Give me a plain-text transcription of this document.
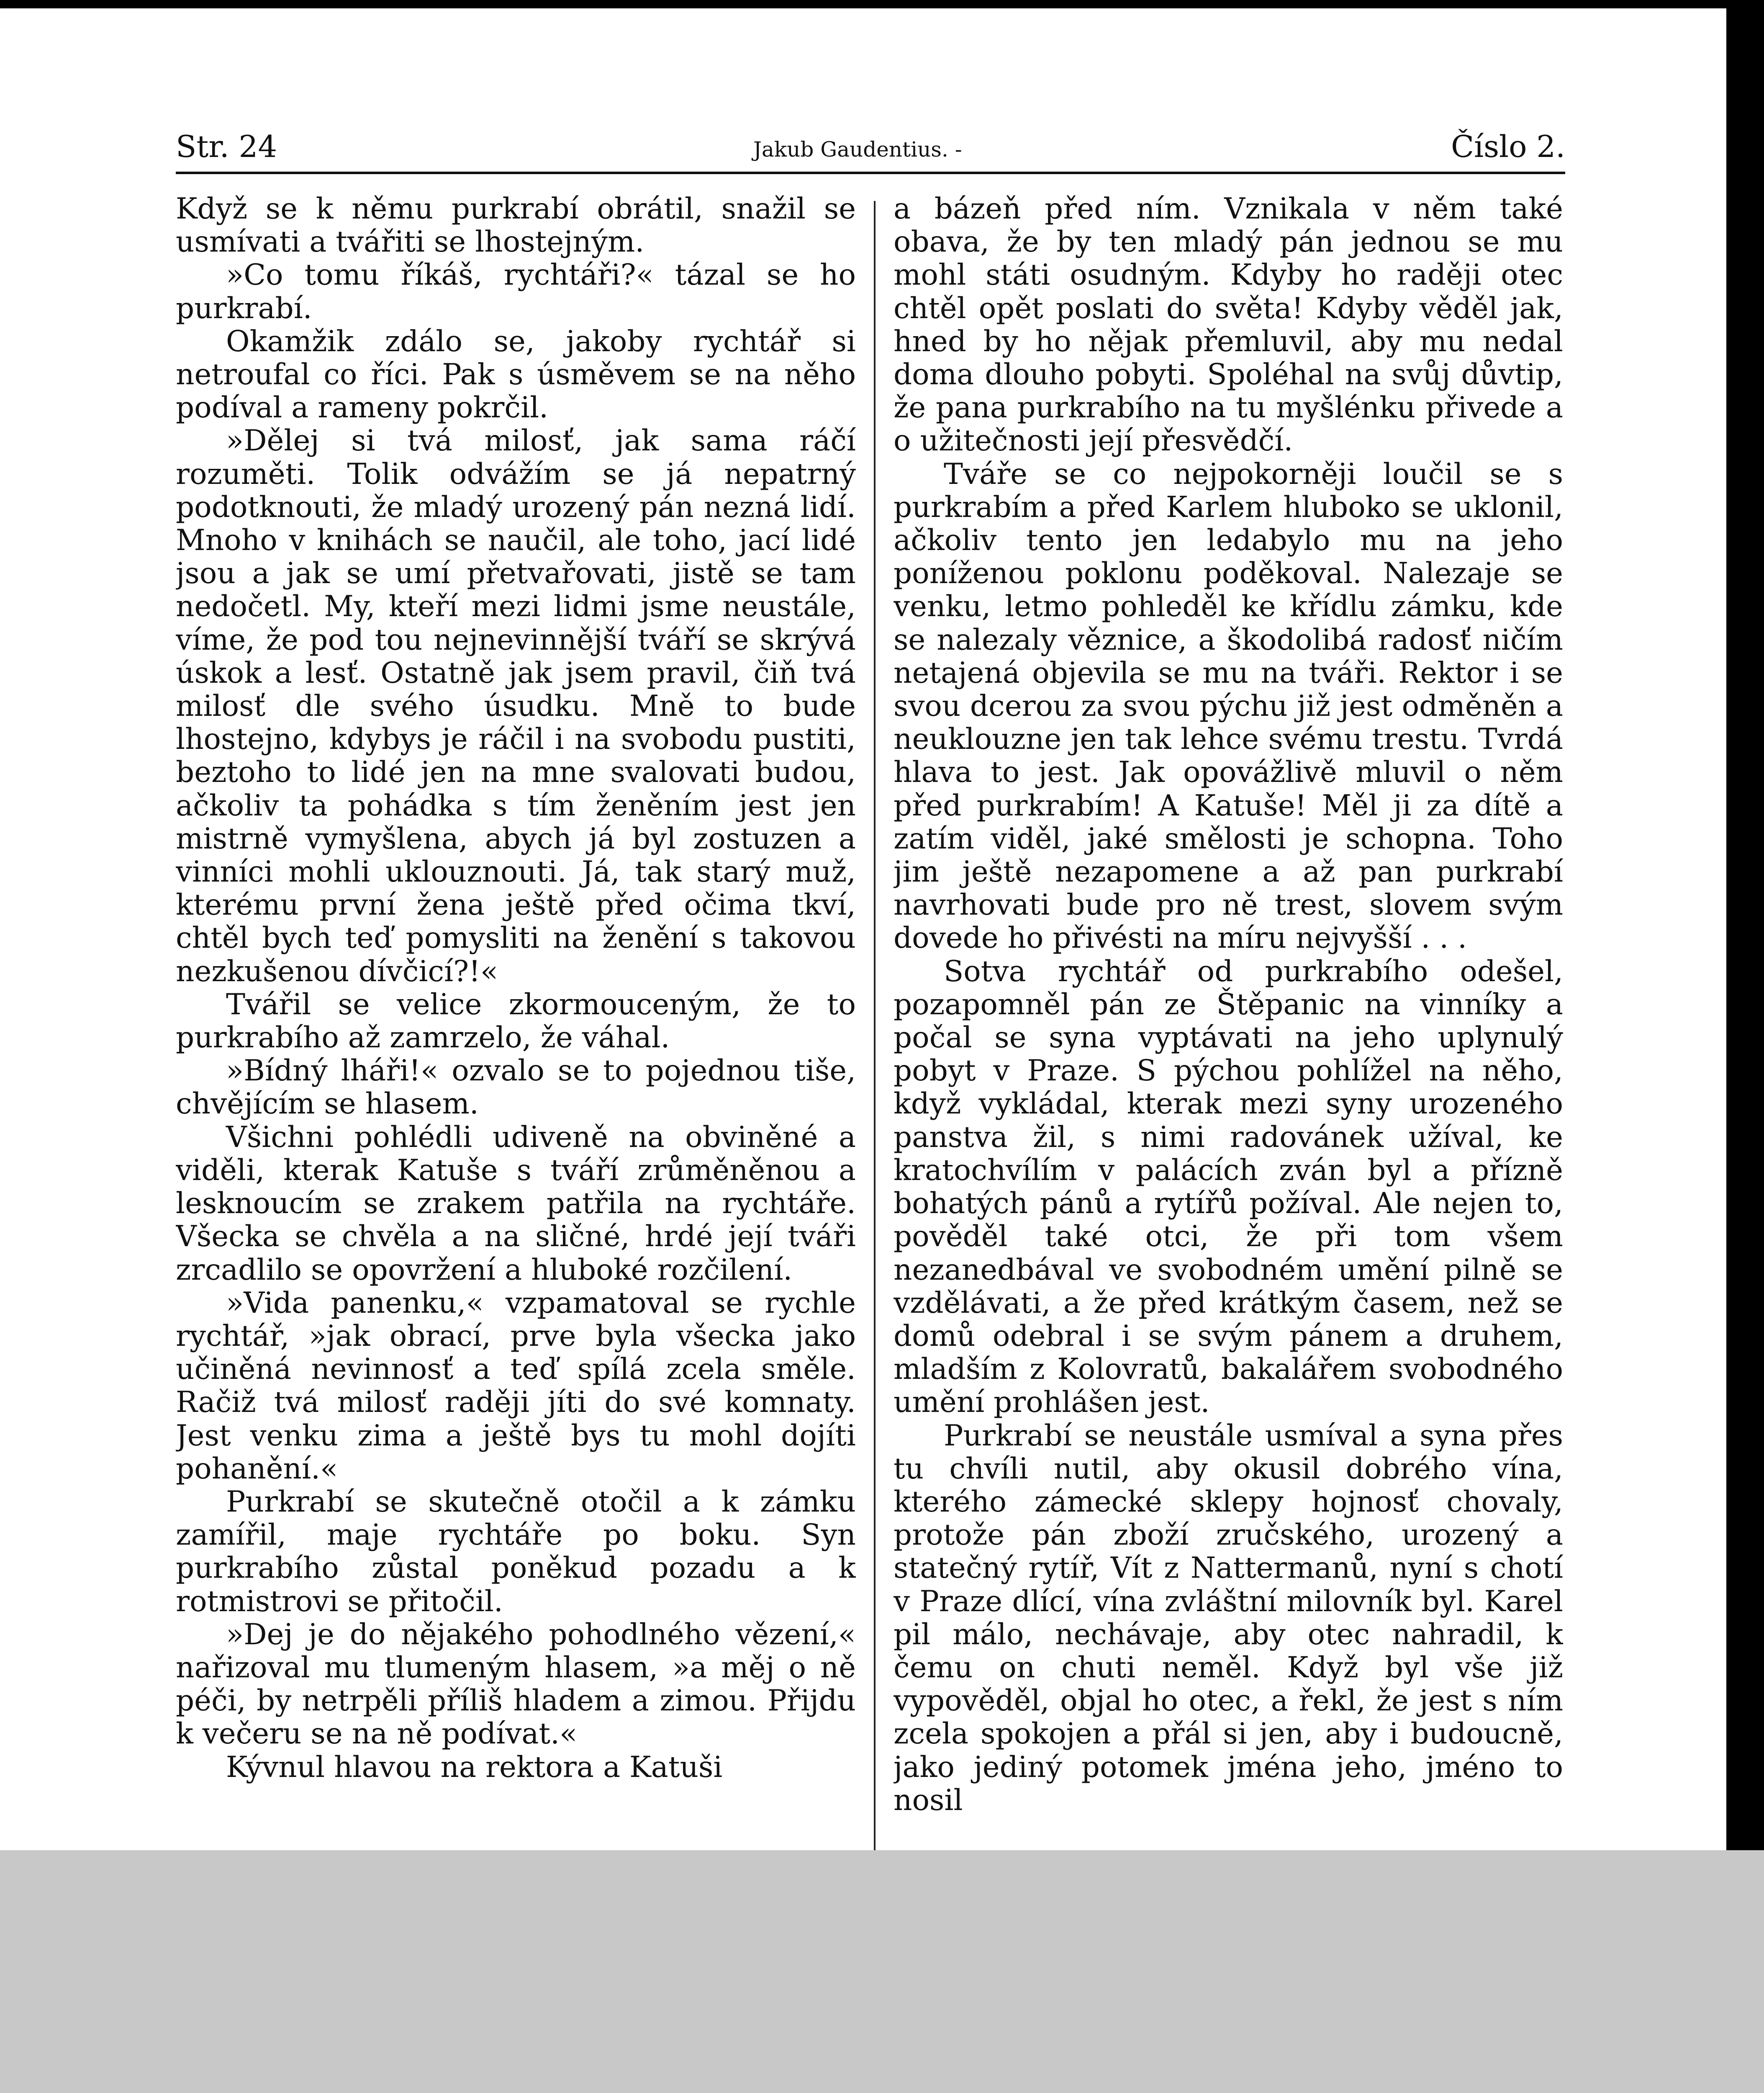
Str. 24	Jakub Gaudentius. -	Číslo 2.

Když se k němu purkrabí obrátil, snažil se usmívati a tvářiti se lhostejným.

»Co tomu říkáš, rychtáři?« tázal se ho purkrabí.

Okamžik zdálo se, jakoby rychtář si netroufal co říci. Pak s úsměvem se na něho podíval a rameny pokrčil.

»Dělej si tvá milosť, jak sama ráčí rozuměti. Tolik odvážím se já nepatrný podotknouti, že mladý urozený pán nezná lidí. Mnoho v knihách se naučil, ale toho, jací lidé jsou a jak se umí přetvařovati, jistě se tam nedočetl. My, kteří mezi lidmi jsme neustále, víme, že pod tou nejnevinnější tváří se skrývá úskok a lesť. Ostatně jak jsem pravil, čiň tvá milosť dle svého úsudku. Mně to bude lhostejno, kdybys je ráčil i na svobodu pustiti, beztoho to lidé jen na mne svalovati budou, ačkoliv ta pohádka s tím ženěním jest jen mistrně vymyšlena, abych já byl zostuzen a vinníci mohli uklouznouti. Já, tak starý muž, kterému první žena ještě před očima tkví, chtěl bych teď pomysliti na ženění s takovou nezkušenou dívčicí?!«

Tvářil se velice zkormouceným, že to purkrabího až zamrzelo, že váhal.

»Bídný lháři!« ozvalo se to pojednou tiše, chvějícím se hlasem.

Všichni pohlédli udiveně na obviněné a viděli, kterak Katuše s tváří zrůměněnou a lesknoucím se zrakem patřila na rychtáře. Všecka se chvěla a na sličné, hrdé její tváři zrcadlilo se opovržení a hluboké rozčilení.

»Vida panenku,« vzpamatoval se rychle rychtář, »jak obrací, prve byla všecka jako učiněná nevinnosť a teď spílá zcela směle. Račiž tvá milosť raději jíti do své komnaty. Jest venku zima a ještě bys tu mohl dojíti pohanění.«

Purkrabí se skutečně otočil a k zámku zamířil, maje rychtáře po boku. Syn purkrabího zůstal poněkud pozadu a k rotmistrovi se přitočil.

»Dej je do nějakého pohodlného vězení,« nařizoval mu tlumeným hlasem, »a měj o ně péči, by netrpěli příliš hladem a zimou. Přijdu k večeru se na ně podívat.«

Kývnul hlavou na rektora a Katuši

a bázeň před ním. Vznikala v něm také obava, že by ten mladý pán jednou se mu mohl státi osudným. Kdyby ho raději otec chtěl opět poslati do světa! Kdyby věděl jak, hned by ho nějak přemluvil, aby mu nedal doma dlouho pobyti. Spoléhal na svůj důvtip, že pana purkrabího na tu myšlénku přivede a o užitečnosti její přesvědčí.

Tváře se co nejpokorněji loučil se s purkrabím a před Karlem hluboko se uklonil, ačkoliv tento jen ledabylo mu na jeho poníženou poklonu poděkoval. Nalezaje se venku, letmo pohleděl ke křídlu zámku, kde se nalezaly věznice, a škodolibá radosť ničím netajená objevila se mu na tváři. Rektor i se svou dcerou za svou pýchu již jest odměněn a neuklouzne jen tak lehce svému trestu. Tvrdá hlava to jest. Jak opovážlivě mluvil o něm před purkrabím! A Katuše! Měl ji za dítě a zatím viděl, jaké smělosti je schopna. Toho jim ještě nezapomene a až pan purkrabí navrhovati bude pro ně trest, slovem svým dovede ho přivésti na míru nejvyšší . . .

Sotva rychtář od purkrabího odešel, pozapomněl pán ze Štěpanic na vinníky a počal se syna vyptávati na jeho uplynulý pobyt v Praze. S pýchou pohlížel na něho, když vykládal, kterak mezi syny urozeného panstva žil, s nimi radovánek užíval, ke kratochvílím v palácích zván byl a přízně bohatých pánů a rytířů požíval. Ale nejen to, pověděl také otci, že při tom všem nezanedbával ve svobodném umění pilně se vzdělávati, a že před krátkým časem, než se domů odebral i se svým pánem a druhem, mladším z Kolovratů, bakalářem svobodného umění prohlášen jest.

Purkrabí se neustále usmíval a syna přes tu chvíli nutil, aby okusil dobrého vína, kterého zámecké sklepy hojnosť chovaly, protože pán zboží zručského, urozený a statečný rytíř, Vít z Nattermanů, nyní s chotí v Praze dlící, vína zvláštní milovník byl. Karel pil málo, nechávaje, aby otec nahradil, k čemu on chuti neměl. Když byl vše již vypověděl, objal ho otec, a řekl, že jest s ním zcela spokojen a přál si jen, aby i budoucně, jako jediný potomek jména jeho, jméno to nosil
